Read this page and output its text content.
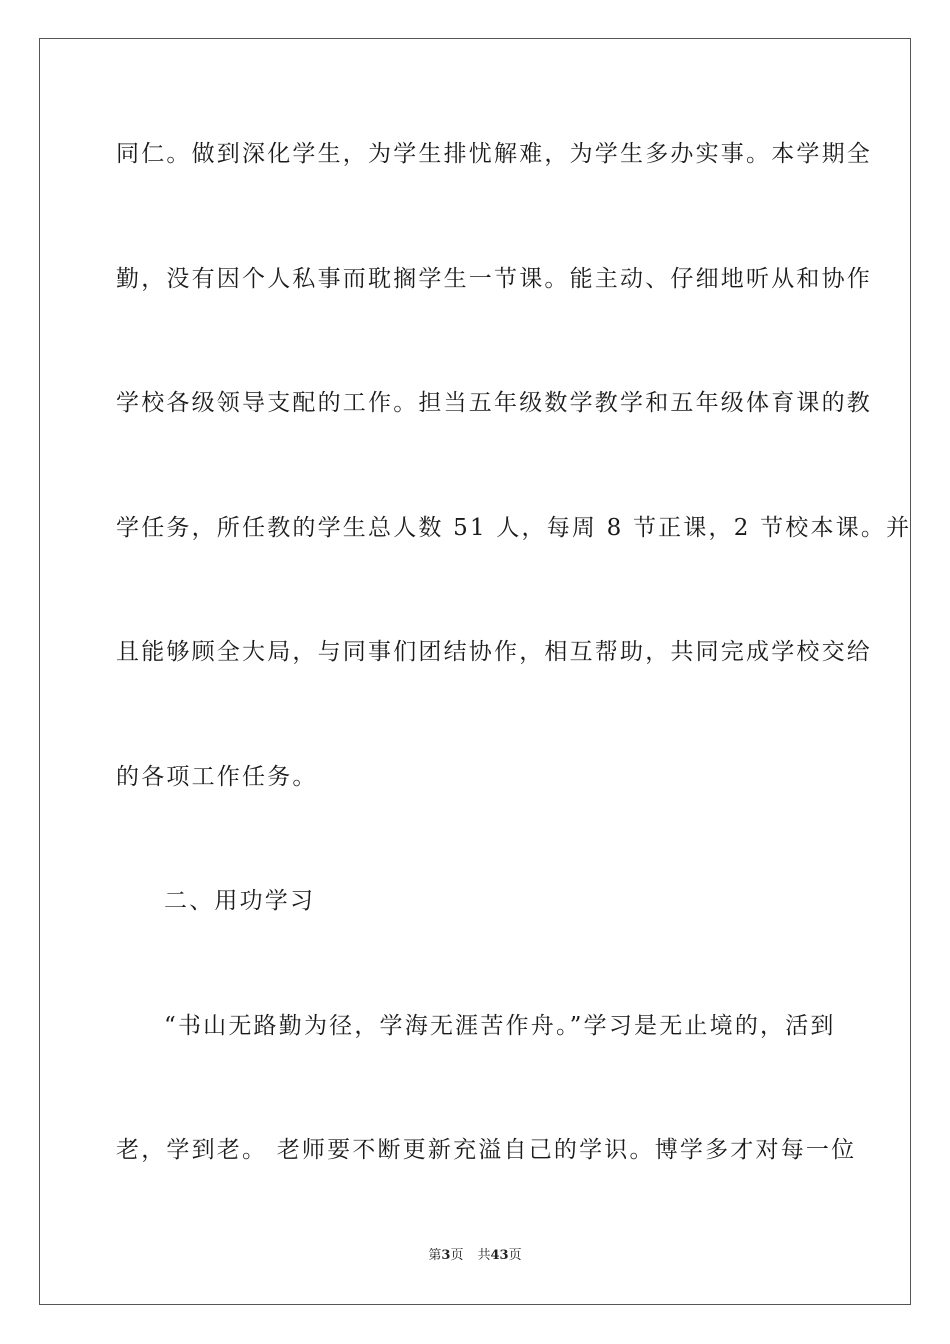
同仁。做到深化学生，为学生排忧解难，为学生多办实事。本学期全
勤，没有因个人私事而耽搁学生一节课。能主动、仔细地听从和协作
学校各级领导支配的工作。担当五年级数学教学和五年级体育课的教
学任务，所任教的学生总人数 51 人，每周 8 节正课，2 节校本课。并
且能够顾全大局，与同事们团结协作，相互帮助，共同完成学校交给
的各项工作任务。
二、用功学习
“书山无路勤为径，学海无涯苦作舟。”学习是无止境的，活到
老，学到老。 老师要不断更新充溢自己的学识。博学多才对每一位
第3页 共43页
